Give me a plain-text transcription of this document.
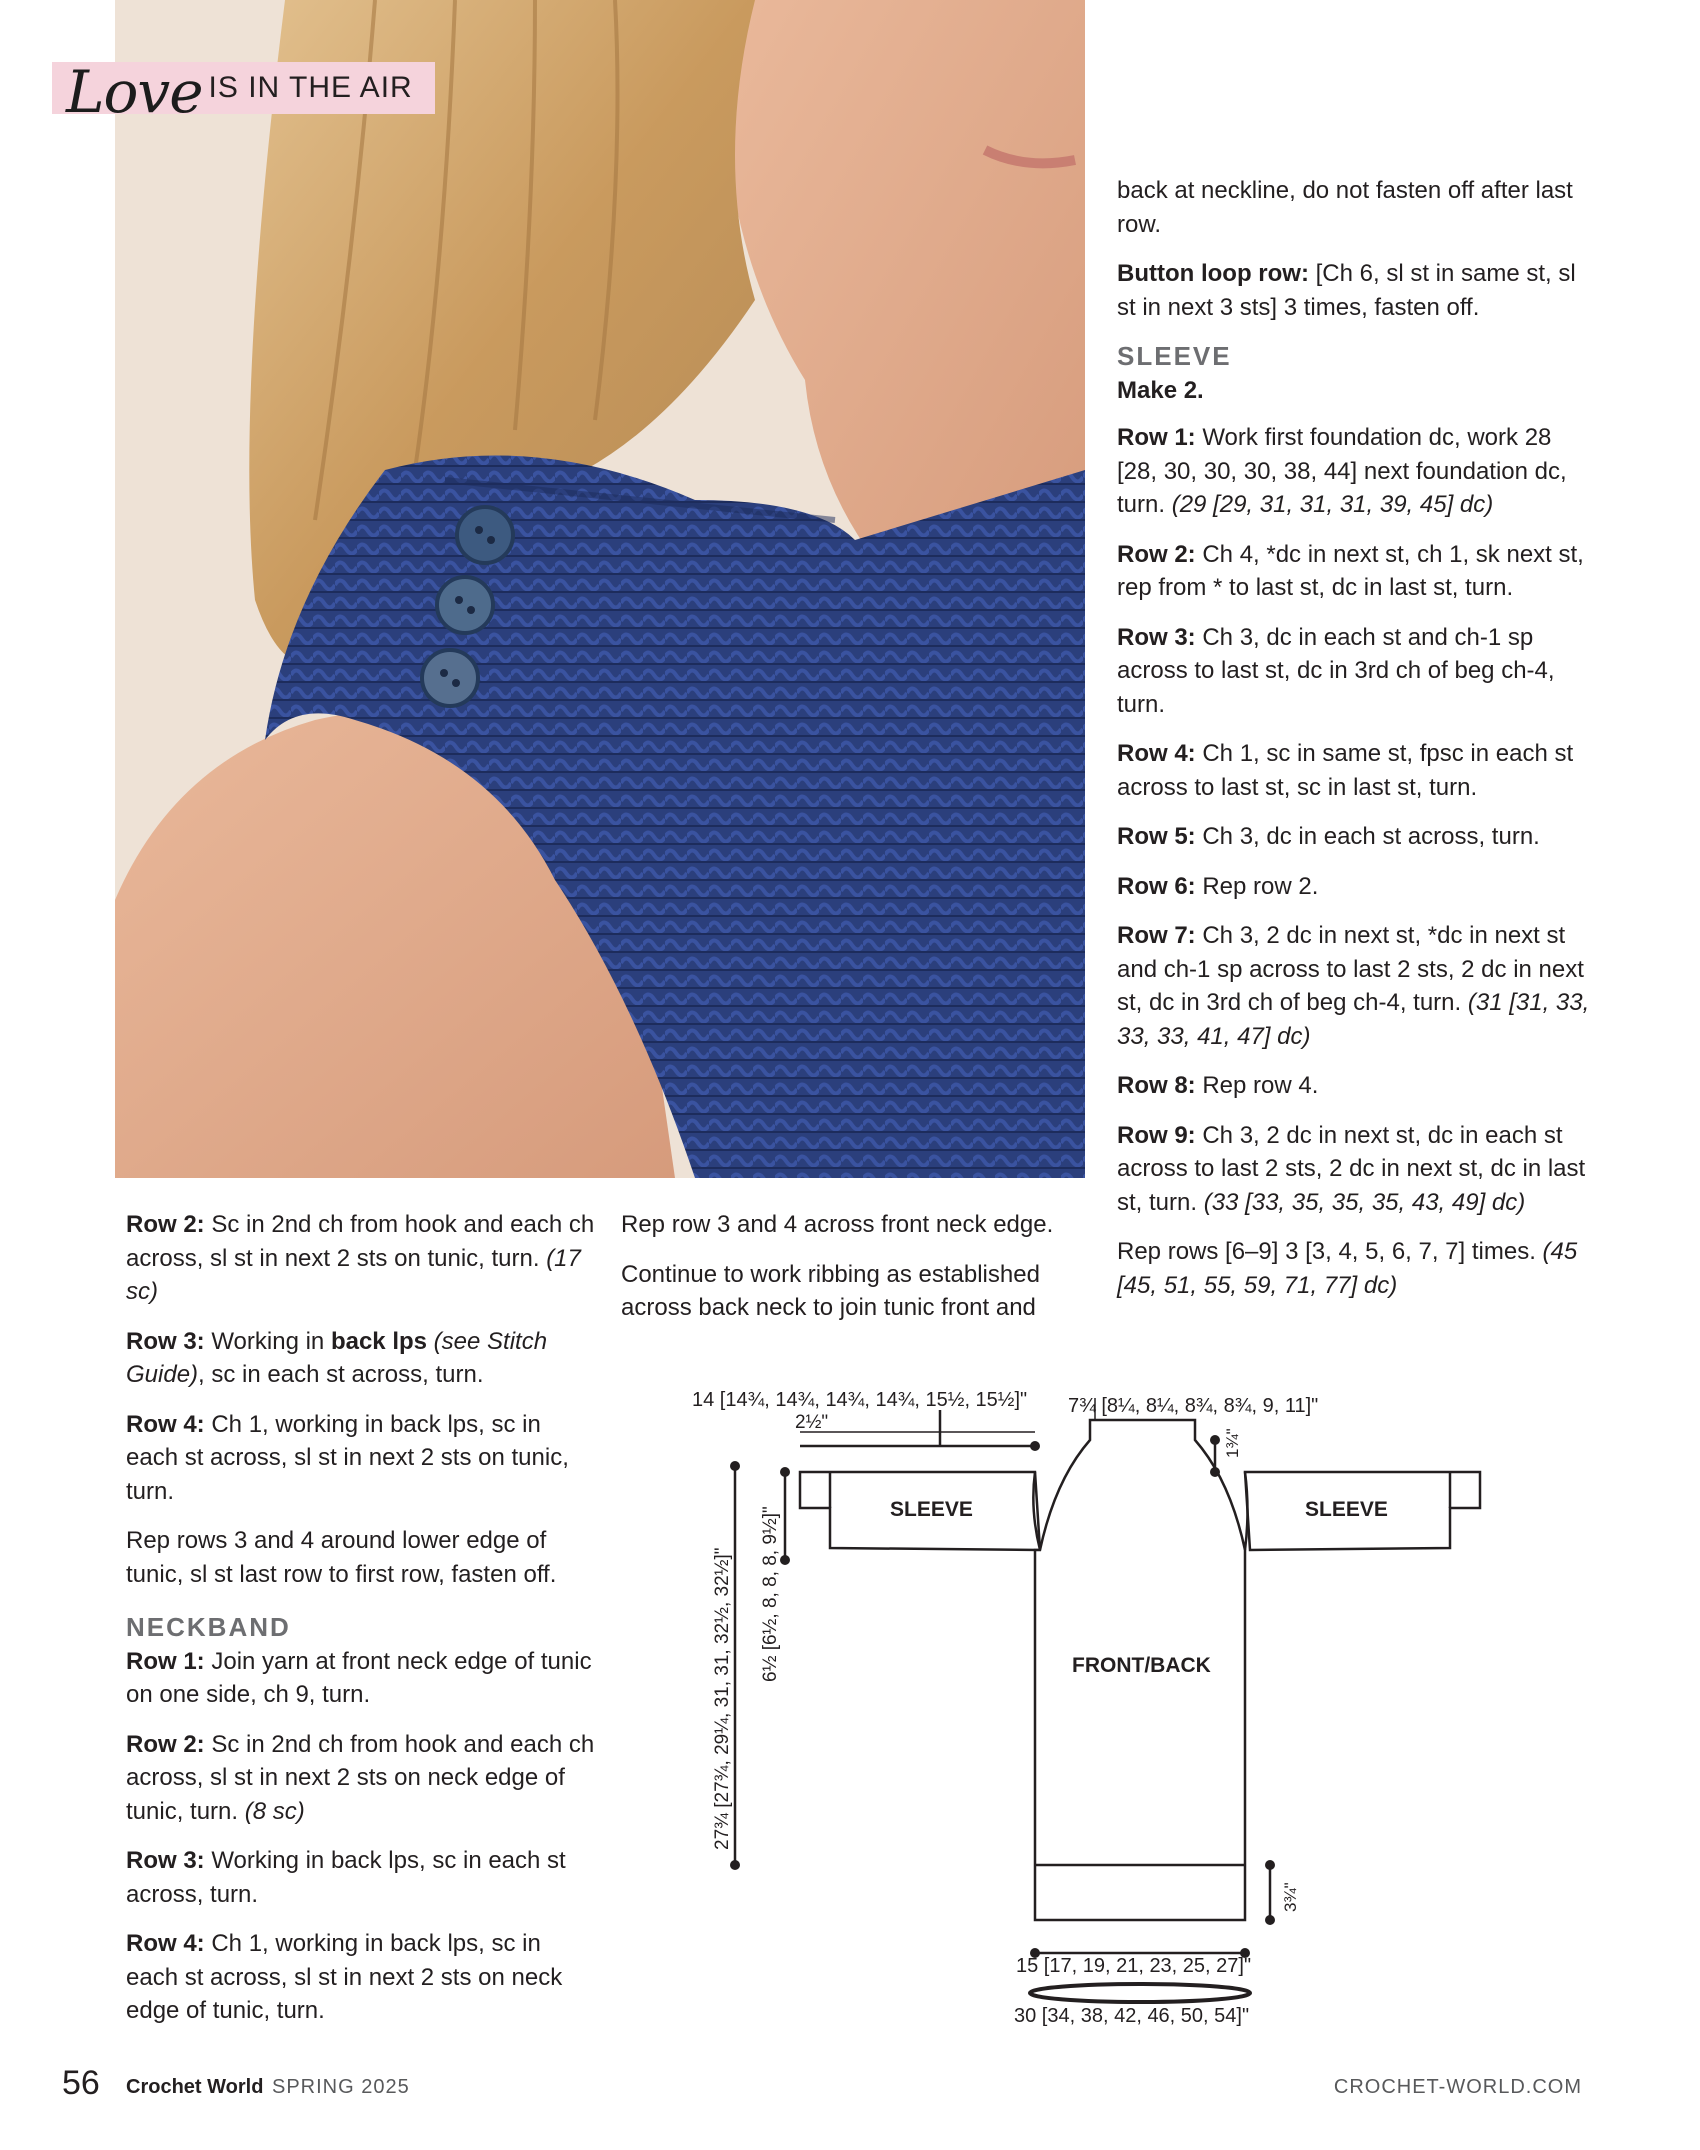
Love IS IN THE AIR

Row 2: Sc in 2nd ch from hook and each ch across, sl st in next 2 sts on tunic, turn. (17 sc)

Row 3: Working in back lps (see Stitch Guide), sc in each st across, turn.

Row 4: Ch 1, working in back lps, sc in each st across, sl st in next 2 sts on tunic, turn.

Rep rows 3 and 4 around lower edge of tunic, sl st last row to first row, fasten off.

NECKBAND

Row 1: Join yarn at front neck edge of tunic on one side, ch 9, turn.

Row 2: Sc in 2nd ch from hook and each ch across, sl st in next 2 sts on neck edge of tunic, turn. (8 sc)

Row 3: Working in back lps, sc in each st across, turn.

Row 4: Ch 1, working in back lps, sc in each st across, sl st in next 2 sts on neck edge of tunic, turn.

Rep row 3 and 4 across front neck edge.

Continue to work ribbing as established across back neck to join tunic front and

back at neckline, do not fasten off after last row.

Button loop row: [Ch 6, sl st in same st, sl st in next 3 sts] 3 times, fasten off.

SLEEVE

Make 2.

Row 1: Work first foundation dc, work 28 [28, 30, 30, 30, 38, 44] next foundation dc, turn. (29 [29, 31, 31, 31, 39, 45] dc)

Row 2: Ch 4, *dc in next st, ch 1, sk next st, rep from * to last st, dc in last st, turn.

Row 3: Ch 3, dc in each st and ch-1 sp across to last st, dc in 3rd ch of beg ch-4, turn.

Row 4: Ch 1, sc in same st, fpsc in each st across to last st, sc in last st, turn.

Row 5: Ch 3, dc in each st across, turn.

Row 6: Rep row 2.

Row 7: Ch 3, 2 dc in next st, *dc in next st and ch-1 sp across to last 2 sts, 2 dc in next st, dc in 3rd ch of beg ch-4, turn. (31 [31, 33, 33, 33, 41, 47] dc)

Row 8: Rep row 4.

Row 9: Ch 3, 2 dc in next st, dc in each st across to last 2 sts, 2 dc in next st, dc in last st, turn. (33 [33, 35, 35, 35, 43, 49] dc)

Rep rows [6–9] 3 [3, 4, 5, 6, 7, 7] times. (45 [45, 51, 55, 59, 71, 77] dc)

14 [14¾, 14¾, 14¾, 14¾, 15½, 15½]" 7¾ [8¼, 8¼, 8¾, 8¾, 9, 11]"
2½"
1¾"
27¾ [27¾, 29¼, 31, 31, 32½, 32½]" 6½ [6½, 8, 8, 8, 9½]"
3¾"
SLEEVE	SLEEVE
FRONT/BACK
15 [17, 19, 21, 23, 25, 27]"
30 [34, 38, 42, 46, 50, 54]"
56 Crochet World SPRING 2025	CROCHET-WORLD.COM
